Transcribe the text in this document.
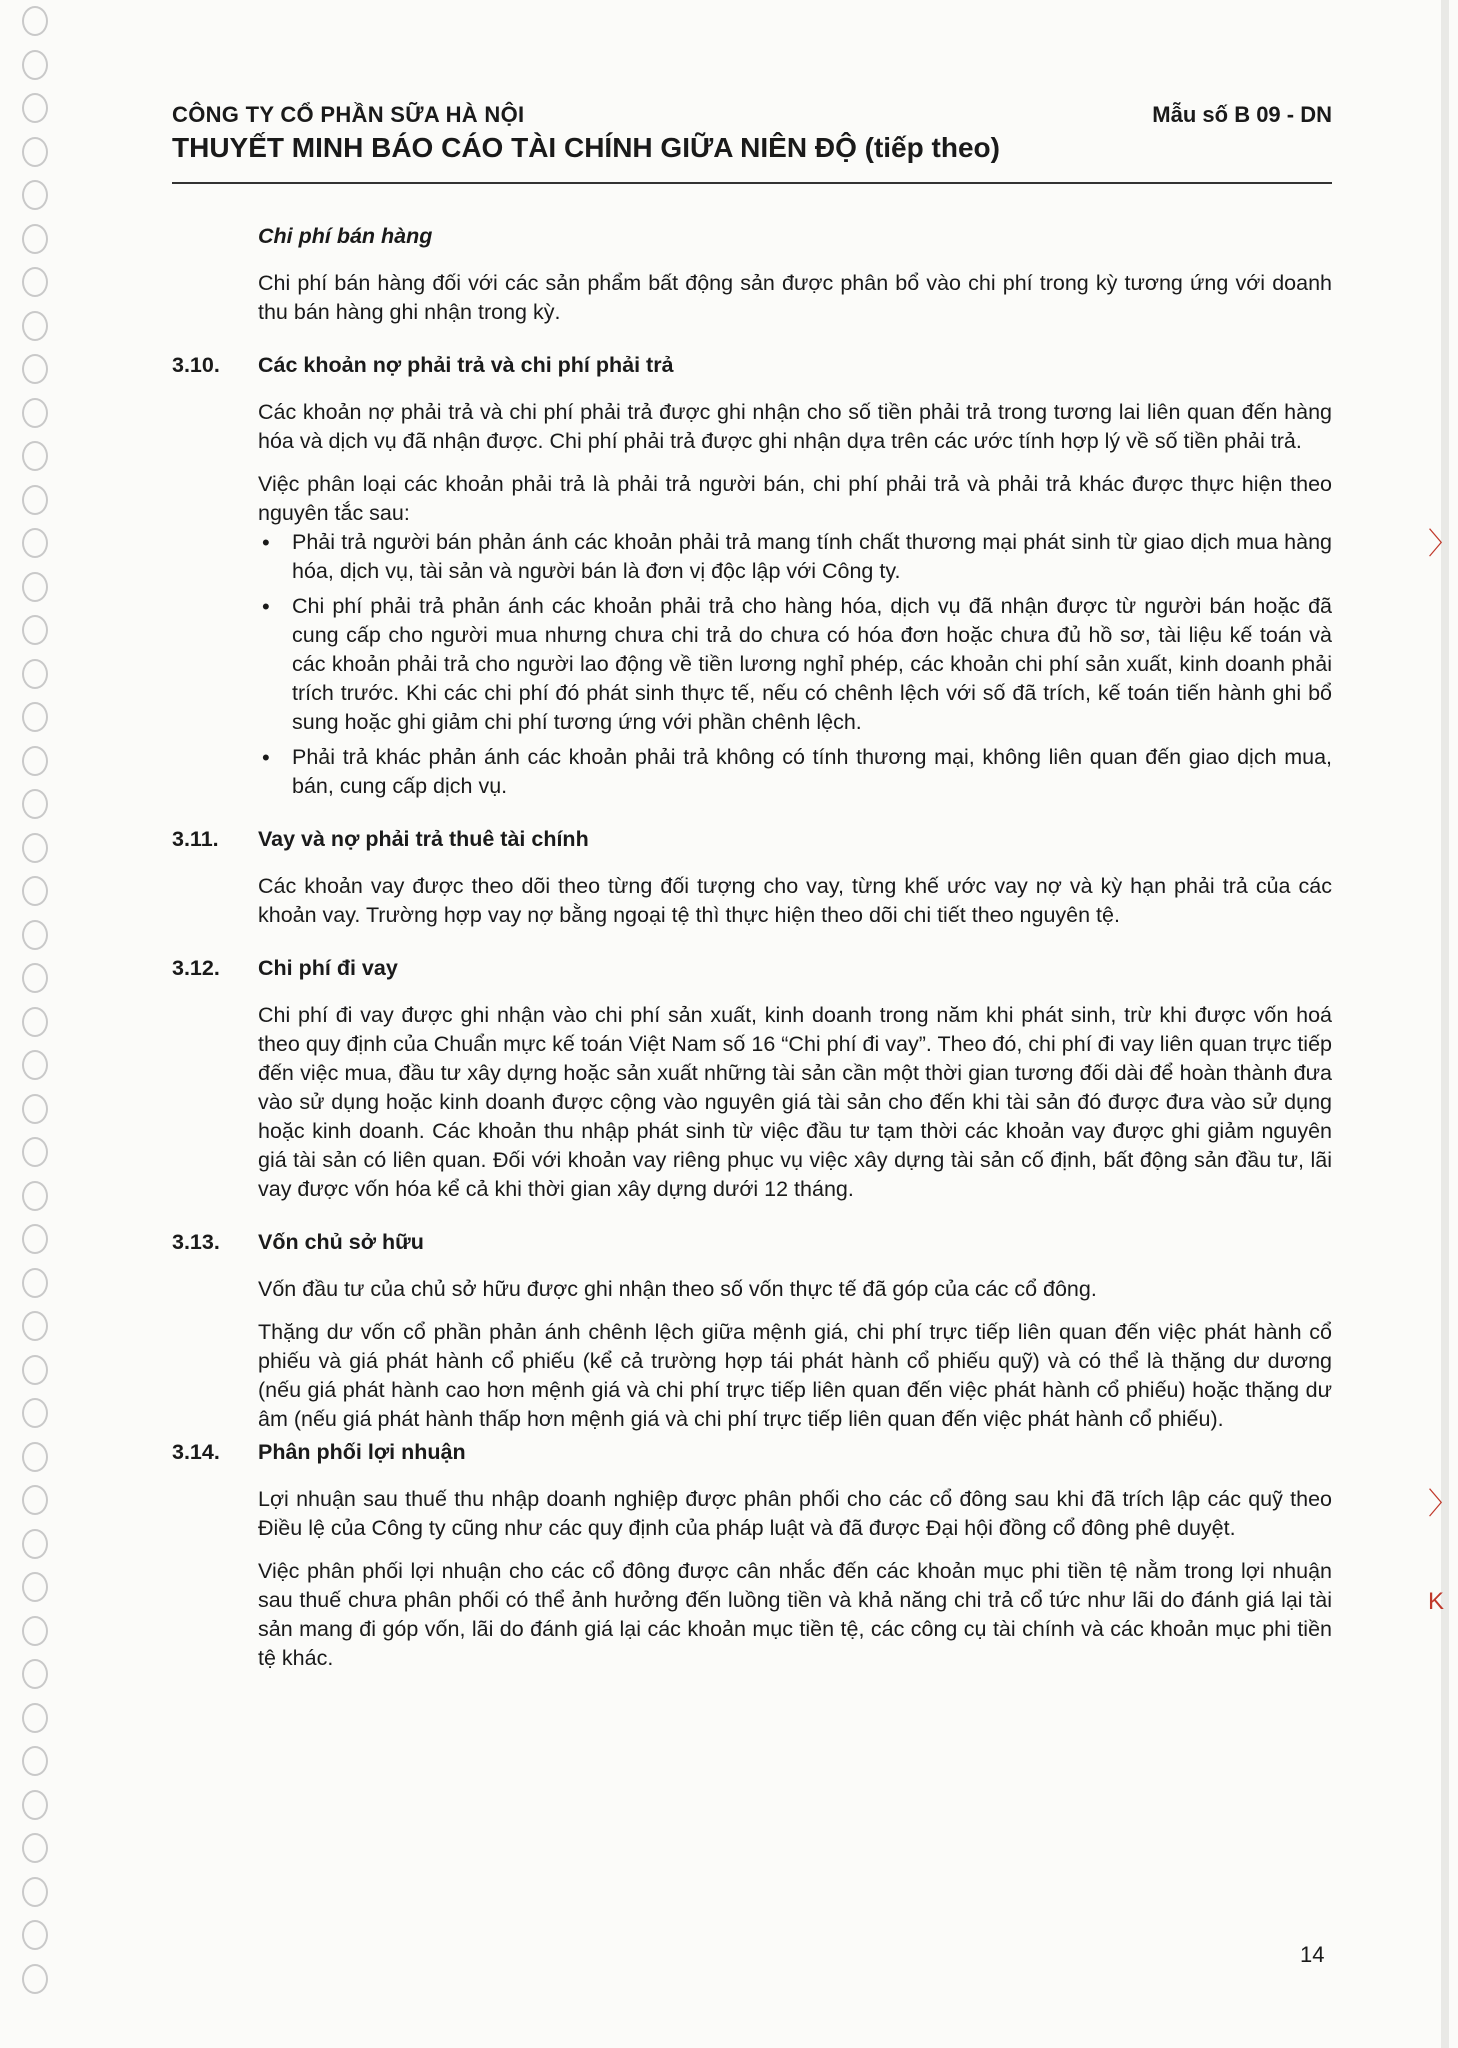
〉
〉
K
CÔNG TY CỔ PHẦN SỮA HÀ NỘI
THUYẾT MINH BÁO CÁO TÀI CHÍNH GIỮA NIÊN ĐỘ (tiếp theo)
Mẫu số B 09 - DN
Chi phí bán hàng

Chi phí bán hàng đối với các sản phẩm bất động sản được phân bổ vào chi phí trong kỳ tương ứng với doanh thu bán hàng ghi nhận trong kỳ.

3.10.	Các khoản nợ phải trả và chi phí phải trả

Các khoản nợ phải trả và chi phí phải trả được ghi nhận cho số tiền phải trả trong tương lai liên quan đến hàng hóa và dịch vụ đã nhận được. Chi phí phải trả được ghi nhận dựa trên các ước tính hợp lý về số tiền phải trả.

Việc phân loại các khoản phải trả là phải trả người bán, chi phí phải trả và phải trả khác được thực hiện theo nguyên tắc sau:

• Phải trả người bán phản ánh các khoản phải trả mang tính chất thương mại phát sinh từ giao dịch mua hàng hóa, dịch vụ, tài sản và người bán là đơn vị độc lập với Công ty.
• Chi phí phải trả phản ánh các khoản phải trả cho hàng hóa, dịch vụ đã nhận được từ người bán hoặc đã cung cấp cho người mua nhưng chưa chi trả do chưa có hóa đơn hoặc chưa đủ hồ sơ, tài liệu kế toán và các khoản phải trả cho người lao động về tiền lương nghỉ phép, các khoản chi phí sản xuất, kinh doanh phải trích trước. Khi các chi phí đó phát sinh thực tế, nếu có chênh lệch với số đã trích, kế toán tiến hành ghi bổ sung hoặc ghi giảm chi phí tương ứng với phần chênh lệch.
• Phải trả khác phản ánh các khoản phải trả không có tính thương mại, không liên quan đến giao dịch mua, bán, cung cấp dịch vụ.
3.11.	Vay và nợ phải trả thuê tài chính

Các khoản vay được theo dõi theo từng đối tượng cho vay, từng khế ước vay nợ và kỳ hạn phải trả của các khoản vay. Trường hợp vay nợ bằng ngoại tệ thì thực hiện theo dõi chi tiết theo nguyên tệ.

3.12.	Chi phí đi vay

Chi phí đi vay được ghi nhận vào chi phí sản xuất, kinh doanh trong năm khi phát sinh, trừ khi được vốn hoá theo quy định của Chuẩn mực kế toán Việt Nam số 16 “Chi phí đi vay”. Theo đó, chi phí đi vay liên quan trực tiếp đến việc mua, đầu tư xây dựng hoặc sản xuất những tài sản cần một thời gian tương đối dài để hoàn thành đưa vào sử dụng hoặc kinh doanh được cộng vào nguyên giá tài sản cho đến khi tài sản đó được đưa vào sử dụng hoặc kinh doanh. Các khoản thu nhập phát sinh từ việc đầu tư tạm thời các khoản vay được ghi giảm nguyên giá tài sản có liên quan. Đối với khoản vay riêng phục vụ việc xây dựng tài sản cố định, bất động sản đầu tư, lãi vay được vốn hóa kể cả khi thời gian xây dựng dưới 12 tháng.

3.13.	Vốn chủ sở hữu

Vốn đầu tư của chủ sở hữu được ghi nhận theo số vốn thực tế đã góp của các cổ đông.

Thặng dư vốn cổ phần phản ánh chênh lệch giữa mệnh giá, chi phí trực tiếp liên quan đến việc phát hành cổ phiếu và giá phát hành cổ phiếu (kể cả trường hợp tái phát hành cổ phiếu quỹ) và có thể là thặng dư dương (nếu giá phát hành cao hơn mệnh giá và chi phí trực tiếp liên quan đến việc phát hành cổ phiếu) hoặc thặng dư âm (nếu giá phát hành thấp hơn mệnh giá và chi phí trực tiếp liên quan đến việc phát hành cổ phiếu).

3.14.	Phân phối lợi nhuận

Lợi nhuận sau thuế thu nhập doanh nghiệp được phân phối cho các cổ đông sau khi đã trích lập các quỹ theo Điều lệ của Công ty cũng như các quy định của pháp luật và đã được Đại hội đồng cổ đông phê duyệt.

Việc phân phối lợi nhuận cho các cổ đông được cân nhắc đến các khoản mục phi tiền tệ nằm trong lợi nhuận sau thuế chưa phân phối có thể ảnh hưởng đến luồng tiền và khả năng chi trả cổ tức như lãi do đánh giá lại tài sản mang đi góp vốn, lãi do đánh giá lại các khoản mục tiền tệ, các công cụ tài chính và các khoản mục phi tiền tệ khác.

14
